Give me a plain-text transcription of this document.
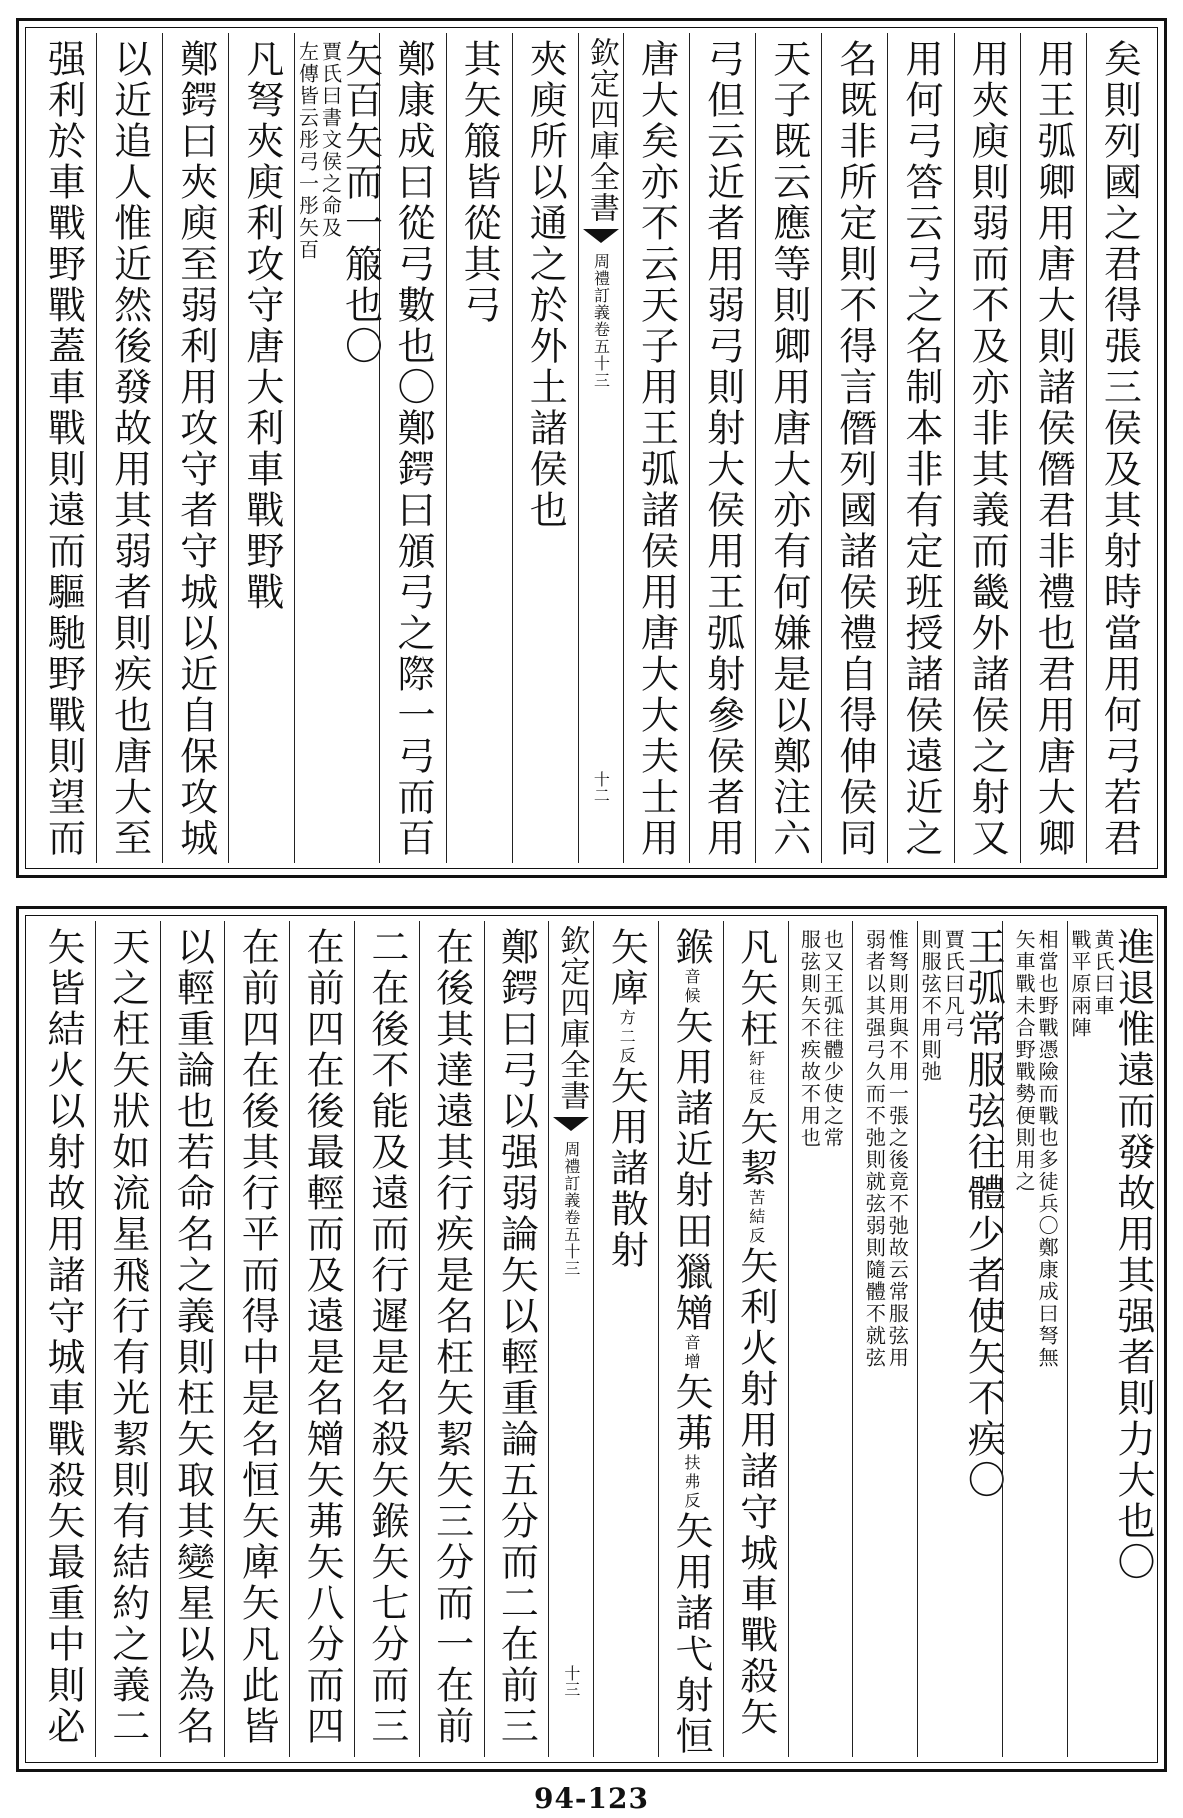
矣則列國之君得張三侯及其射時當用何弓若君
用王弧卿用唐大則諸侯僭君非禮也君用唐大卿
用夾庾則弱而不及亦非其義而畿外諸侯之射又
用何弓答云弓之名制本非有定班授諸侯遠近之
名既非所定則不得言僭列國諸侯禮自得伸侯同
天子既云應等則卿用唐大亦有何嫌是以鄭注六
弓但云近者用弱弓則射大侯用王弧射參侯者用
唐大矣亦不云天子用王弧諸侯用唐大大夫士用
欽定四庫全書
周禮訂義
卷五十三
十二
夾庾所以通之於外土諸侯也
其矢箙皆從其弓
鄭康成曰從弓數也〇鄭鍔曰頒弓之際一弓而百
矢百矢而一箙也〇
賈氏曰書文侯之命及
左傳皆云彤弓一彤矢百
凡弩夾庾利攻守唐大利車戰野戰
鄭鍔曰夾庾至弱利用攻守者守城以近自保攻城
以近追人惟近然後發故用其弱者則疾也唐大至
强利於車戰野戰蓋車戰則遠而驅馳野戰則望而
進退惟遠而發故用其强者則力大也〇
黄氏曰車
戰平原兩陣
相當也野戰憑險而戰也多徒兵〇鄭康成曰弩無
矢車戰未合野戰勢便則用之
王弧常服弦往體少者使矢不疾〇
賈氏曰凡弓
則服弦不用則弛
惟弩則用與不用一張之後竟不弛故云常服弦用
弱者以其强弓久而不弛則就弦弱則隨體不就弦
也又王弧往體少使之常
服弦則矢不疾故不用也
凡矢枉紆往反矢絜苦結反矢利火射用諸守城車戰殺矢
鍭音候矢用諸近射田獵矰音增矢茀扶弗反矢用諸弋射恒
矢庳方二反矢用諸散射
欽定四庫全書
周禮訂義
卷五十三
十三
鄭鍔曰弓以强弱論矢以輕重論五分而二在前三
在後其達遠其行疾是名枉矢絜矢三分而一在前
二在後不能及遠而行遲是名殺矢鍭矢七分而三
在前四在後最輕而及遠是名矰矢茀矢八分而四
在前四在後其行平而得中是名恒矢庳矢凡此皆
以輕重論也若命名之義則枉矢取其變星以為名
天之枉矢狀如流星飛行有光絜則有結約之義二
矢皆結火以射故用諸守城車戰殺矢最重中則必
94-123
